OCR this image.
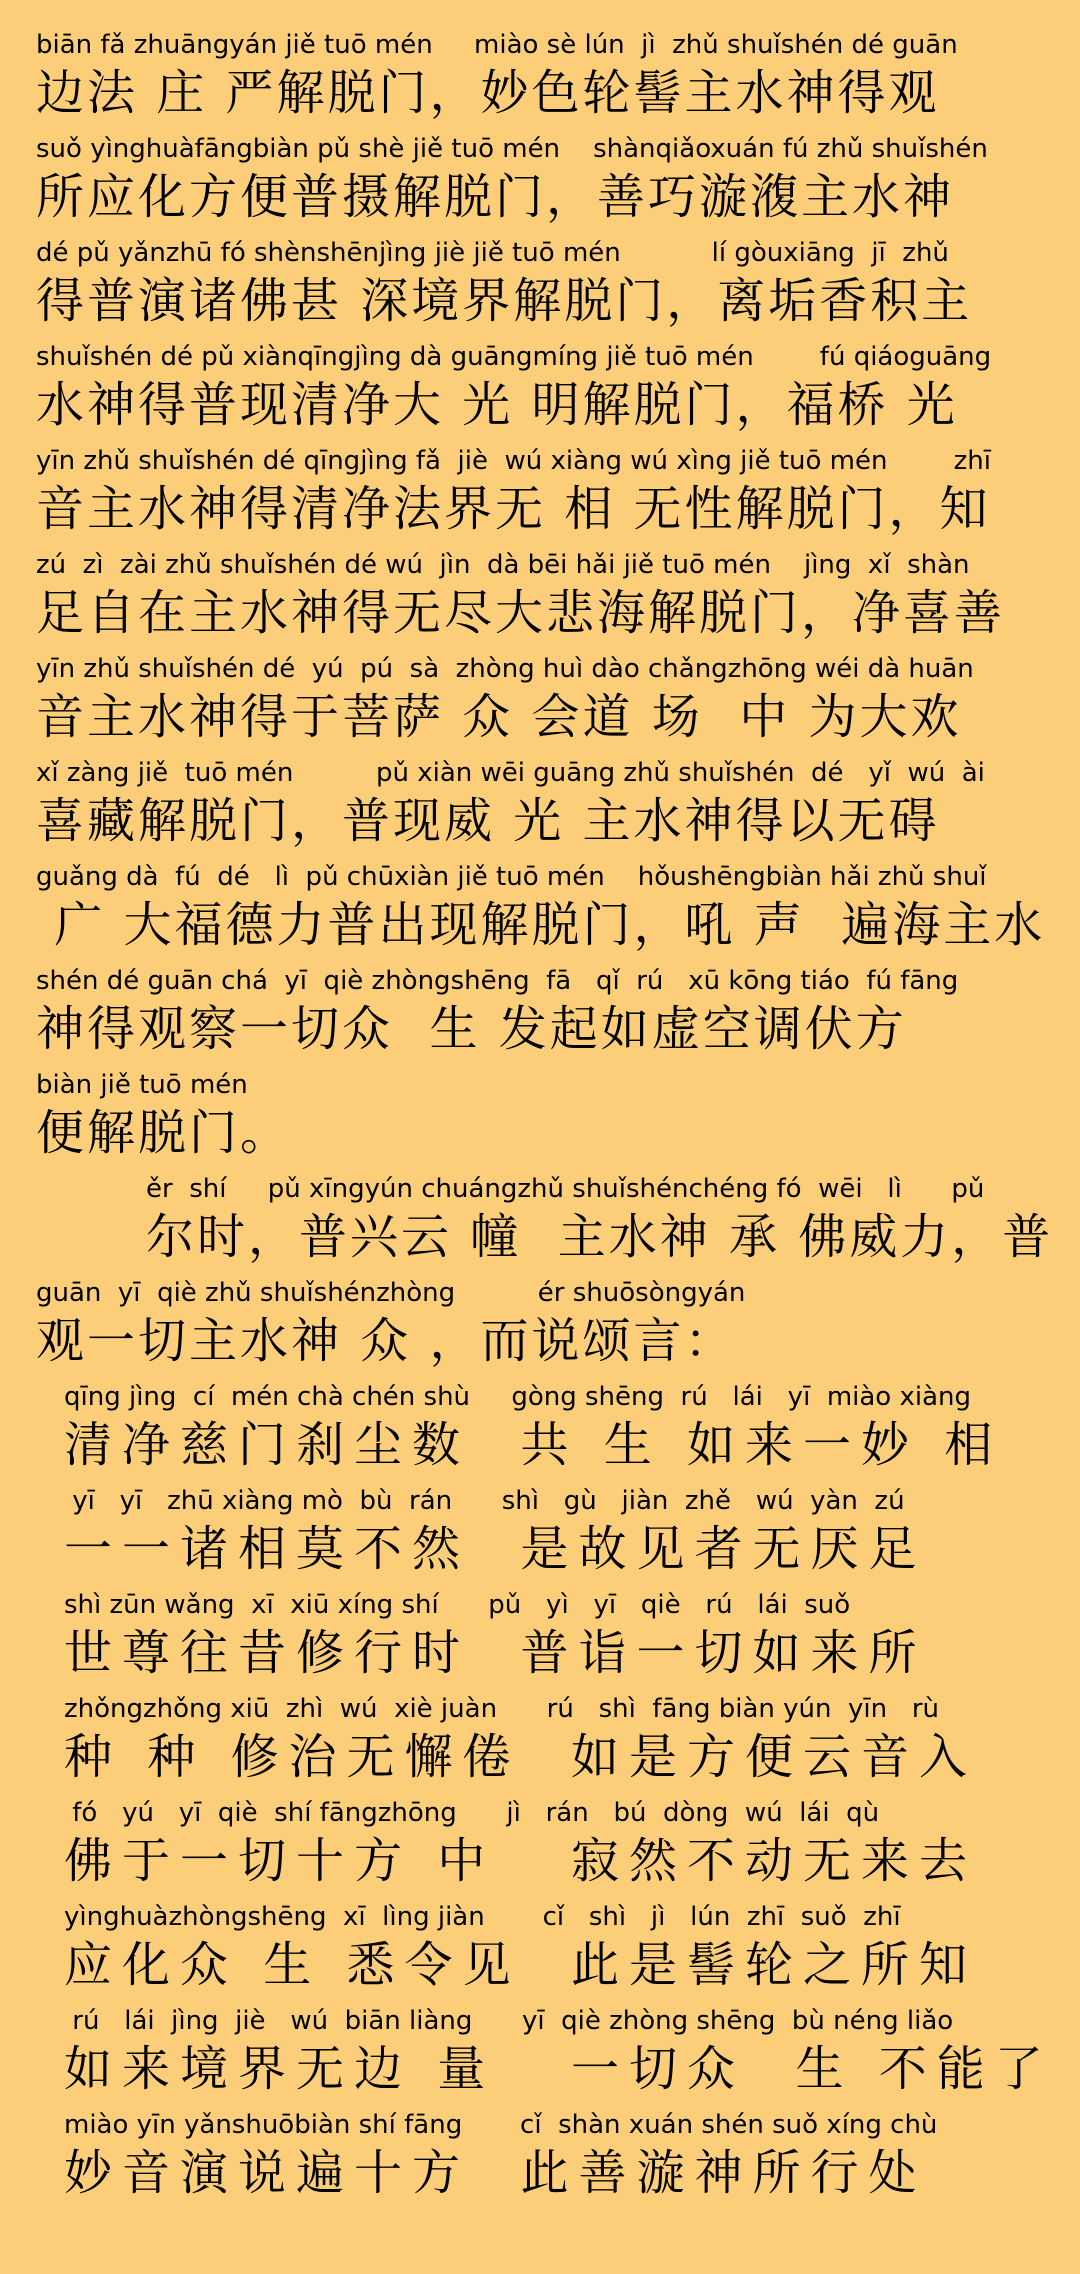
biān fǎ zhuāngyán jiě tuō mén     miào sè lún  jì  zhǔ shuǐshén dé guān
边法 庄 严解脱门，妙色轮髻主水神得观
suǒ yìnghuàfāngbiàn pǔ shè jiě tuō mén    shànqiǎoxuán fú zhǔ shuǐshén
所应化方便普摄解脱门，善巧漩澓主水神
dé pǔ yǎnzhū fó shènshēnjìng jiè jiě tuō mén           lí gòuxiāng  jī  zhǔ
得普演诸佛甚 深境界解脱门，离垢香积主
shuǐshén dé pǔ xiànqīngjìng dà guāngmíng jiě tuō mén        fú qiáoguāng
水神得普现清净大 光 明解脱门，福桥 光
yīn zhǔ shuǐshén dé qīngjìng fǎ  jiè  wú xiàng wú xìng jiě tuō mén        zhī
音主水神得清净法界无 相 无性解脱门，知
zú  zì  zài zhǔ shuǐshén dé wú  jìn  dà bēi hǎi jiě tuō mén    jìng  xǐ  shàn
足自在主水神得无尽大悲海解脱门，净喜善
yīn zhǔ shuǐshén dé  yú  pú  sà  zhòng huì dào chǎngzhōng wéi dà huān
音主水神得于菩萨 众 会道 场  中 为大欢
xǐ zàng jiě  tuō mén          pǔ xiàn wēi guāng zhǔ shuǐshén  dé   yǐ  wú  ài
喜藏解脱门，普现威 光 主水神得以无碍
guǎng dà  fú  dé   lì  pǔ chūxiàn jiě tuō mén    hǒushēngbiàn hǎi zhǔ shuǐ
广 大福德力普出现解脱门，吼 声  遍海主水
shén dé guān chá  yī  qiè zhòngshēng  fā   qǐ  rú   xū kōng tiáo  fú fāng
神得观察一切众  生 发起如虚空调伏方
biàn jiě tuō mén
便解脱门。
ěr  shí     pǔ xīngyún chuángzhǔ shuǐshénchéng fó  wēi   lì      pǔ
尔时，普兴云 幢  主水神 承 佛威力，普
guān  yī  qiè zhǔ shuǐshénzhòng          ér shuōsòngyán
观一切主水神 众 ，而说颂言：
qīng jìng  cí  mén chà chén shù     gòng shēng  rú   lái   yī  miào xiàng
清净慈门刹尘数  共 生 如来一妙 相
yī   yī   zhū xiàng mò  bù  rán      shì   gù   jiàn  zhě   wú  yàn  zú
一一诸相莫不然  是故见者无厌足
shì zūn wǎng  xī  xiū xíng shí      pǔ   yì   yī   qiè   rú   lái  suǒ
世尊往昔修行时  普诣一切如来所
zhǒngzhǒng xiū  zhì  wú  xiè juàn      rú   shì  fāng biàn yún  yīn   rù
种 种 修治无懈倦  如是方便云音入
fó   yú   yī  qiè  shí fāngzhōng      jì   rán   bú  dòng  wú  lái  qù
佛于一切十方 中   寂然不动无来去
yìnghuàzhòngshēng  xī  lìng jiàn       cǐ   shì   jì   lún  zhī  suǒ  zhī
应化众 生 悉令见  此是髻轮之所知
rú   lái  jìng  jiè   wú  biān liàng      yī  qiè zhòng shēng  bù néng liǎo
如来境界无边 量   一切众  生 不能了
miào yīn yǎnshuōbiàn shí fāng       cǐ  shàn xuán shén suǒ xíng chù
妙音演说遍十方  此善漩神所行处
